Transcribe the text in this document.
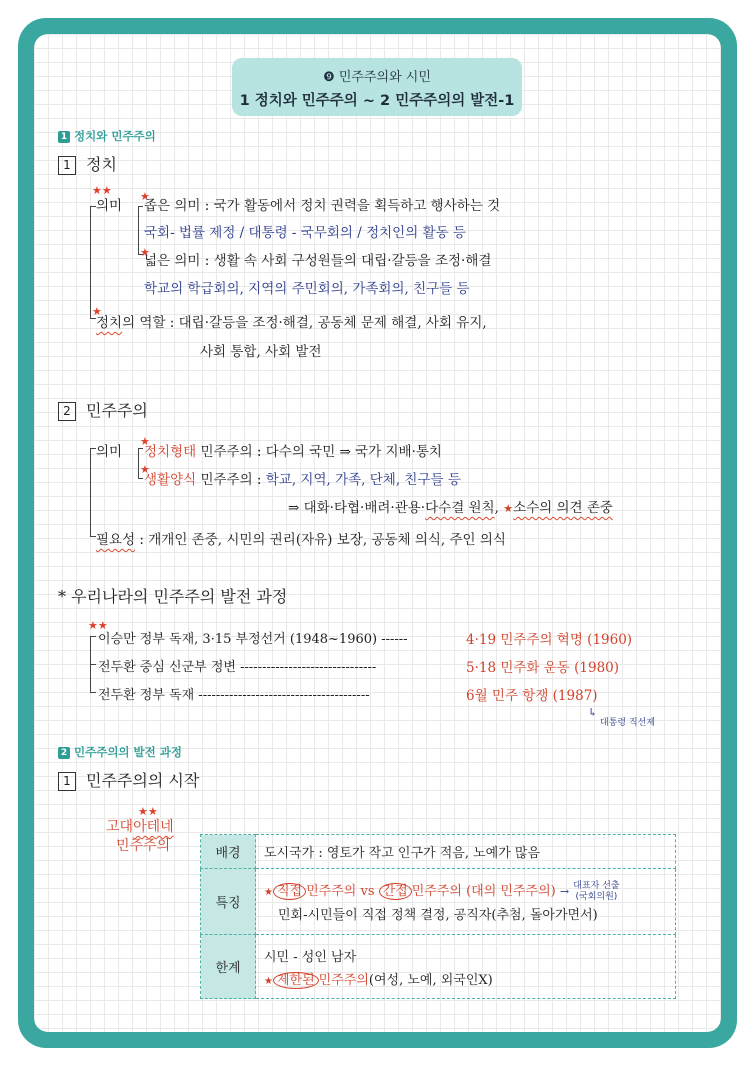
❾ 민주주의와 시민
1 정치와 민주주의 ~ 2 민주주의의 발전-1
1 정치와 민주주의
1 정치
★★
의미
★
좁은 의미 : 국가 활동에서 정치 권력을 획득하고 행사하는 것
국회- 법률 제정 / 대통령 - 국무회의 / 정치인의 활동 등
★
넓은 의미 : 생활 속 사회 구성원들의 대립·갈등을 조정·해결
학교의 학급회의, 지역의 주민회의, 가족회의, 친구들 등
★
정치의 역할 : 대립·갈등을 조정·해결, 공동체 문제 해결, 사회 유지,
사회 통합, 사회 발전
2 민주주의
의미
★
정치형태 민주주의 : 다수의 국민 ⇒ 국가 지배·통치
★
생활양식 민주주의 : 학교, 지역, 가족, 단체, 친구들 등
⇒ 대화·타협·배려·관용·다수결 원칙, ★소수의 의견 존중
필요성 : 개개인 존중, 시민의 권리(자유) 보장, 공동체 의식, 주인 의식
* 우리나라의 민주주의 발전 과정
★★
이승만 정부 독재, 3·15 부정선거 (1948~1960) ------	4·19 민주주의 혁명 (1960)
전두환 중심 신군부 정변 -------------------------------	5·18 민주화 운동 (1980)
전두환 정부 독재 ---------------------------------------	6월 민주 항쟁 (1987)
↳
대통령 직선제
2 민주주의의 발전 과정
1 민주주의의 시작
고대아테네
★★
민주주의	배경	도시국가 : 영토가 작고 인구가 적음, 노예가 많음
특징	★ 직접 민주주의 vs 간접 민주주의 (대의 민주주의) → 대표자 선출
(국회의원)
민회-시민들이 직접 정책 결정, 공직자(추첨, 돌아가면서)

한계	시민 - 성인 남자
★ 제한된 민주주의(여성, 노예, 외국인X)
